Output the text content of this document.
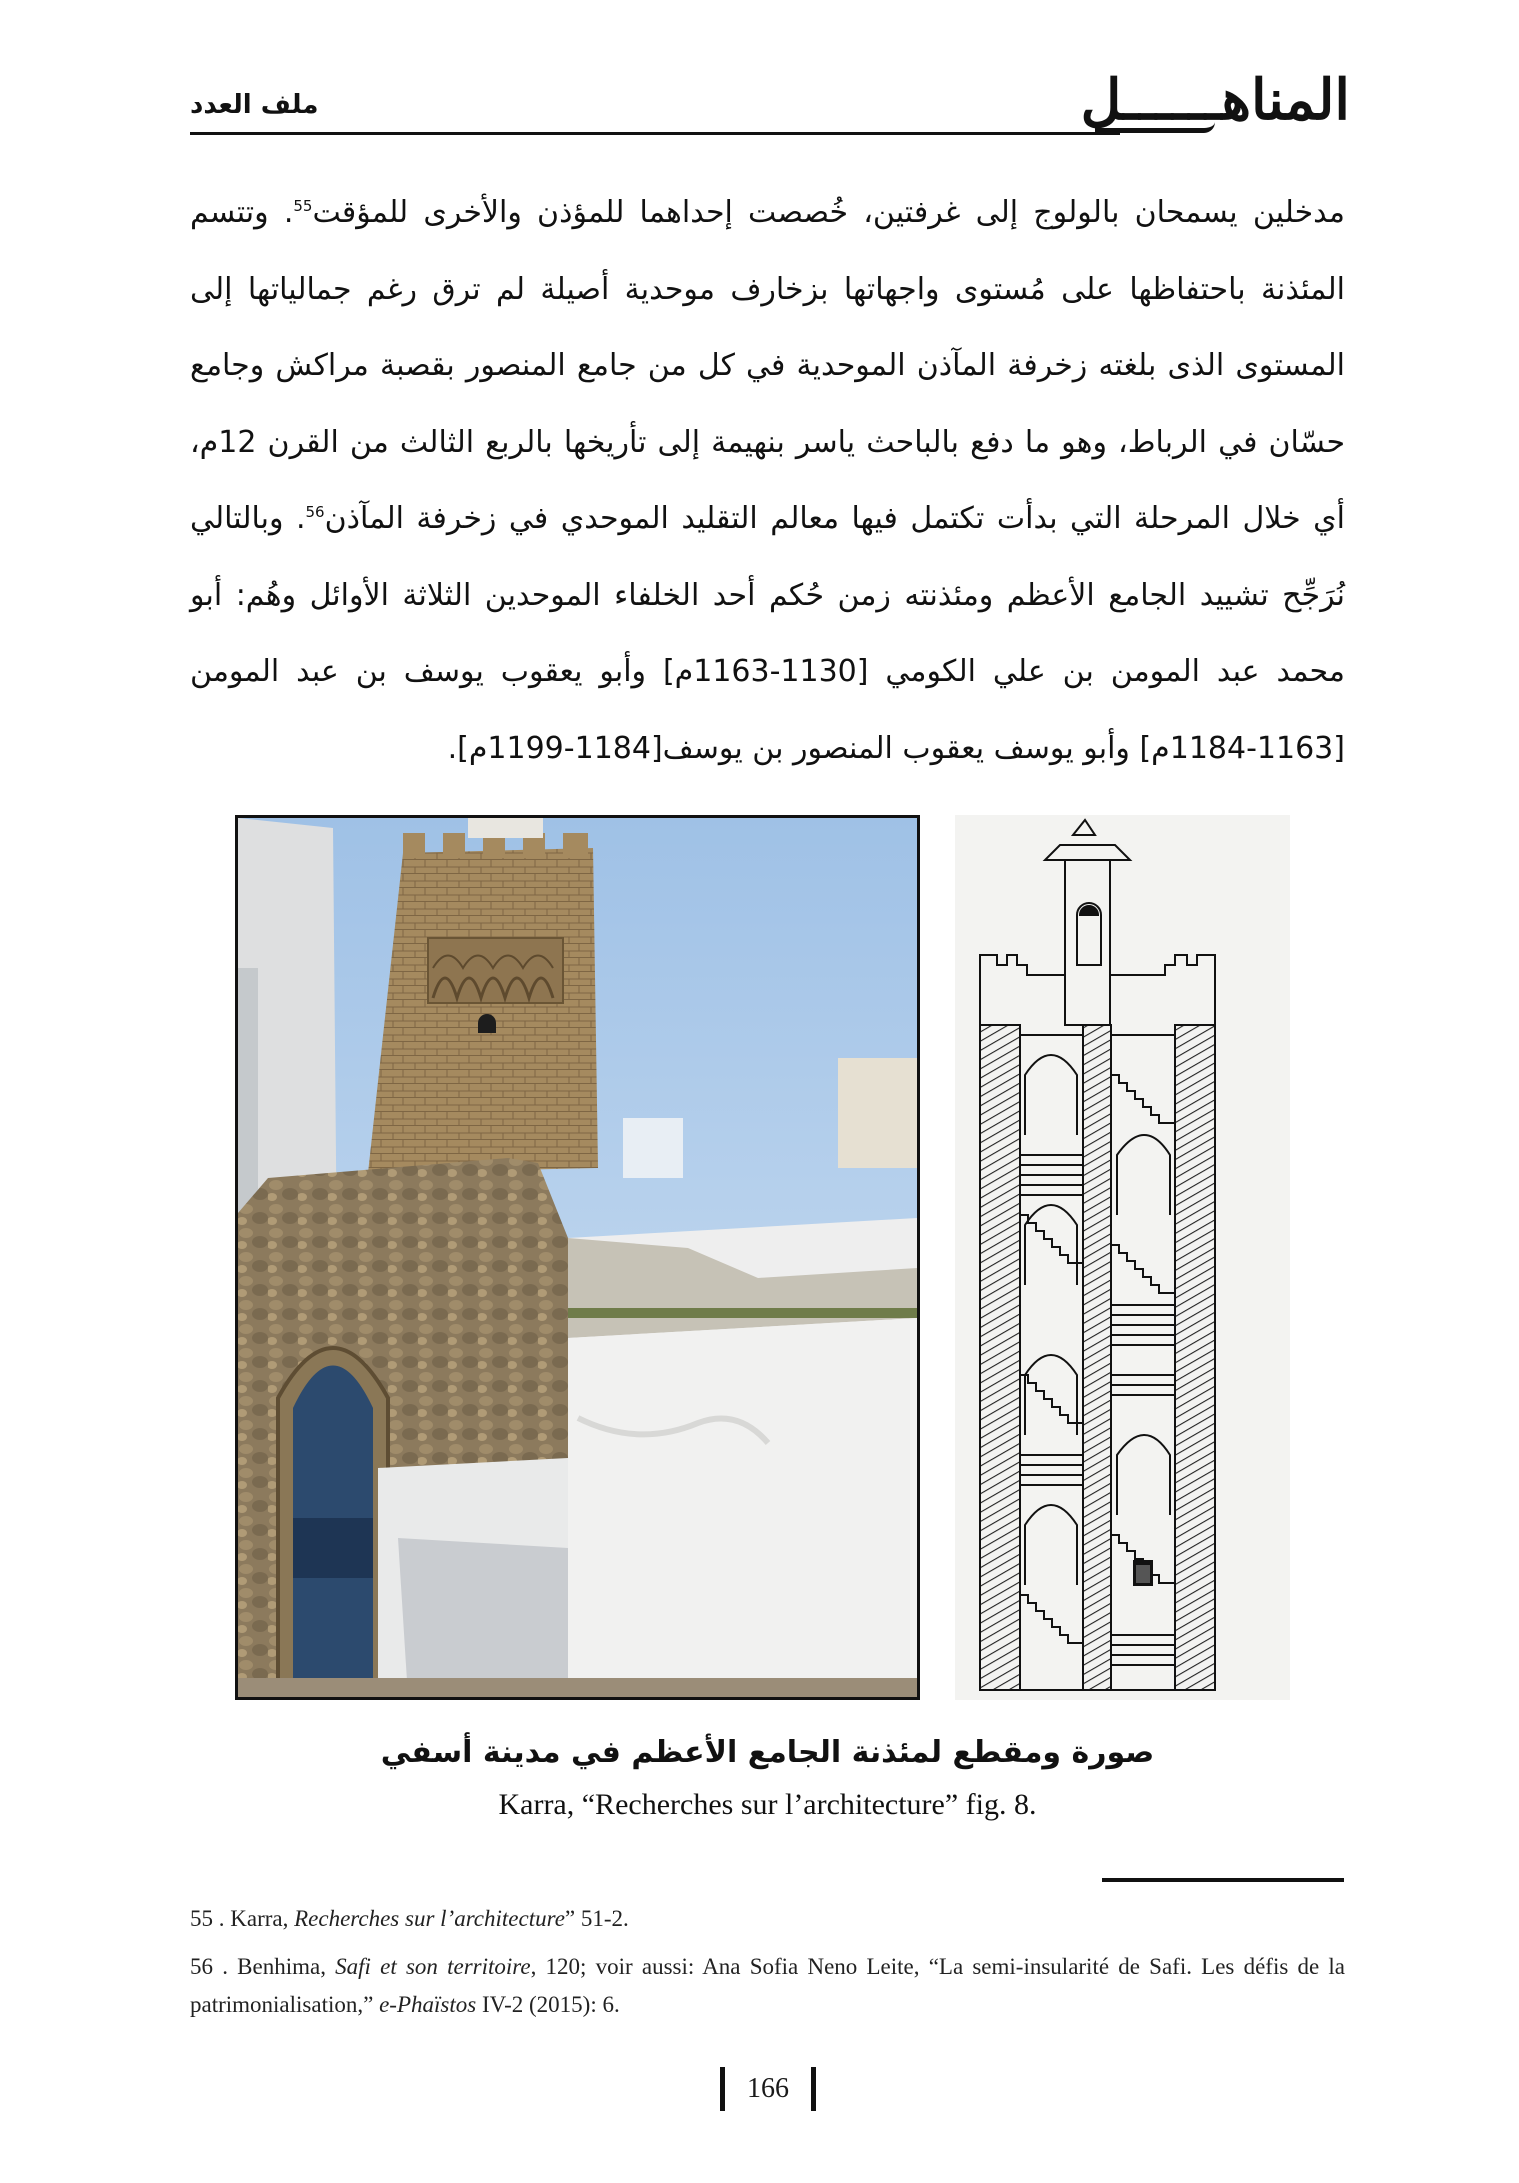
المناهــــــل
ملف العدد
مدخلين يسمحان بالولوج إلى غرفتين، خُصصت إحداهما للمؤذن والأخرى للمؤقت$^{55}$. وتتسم المئذنة باحتفاظها على مُستوى واجهاتها بزخارف موحدية أصيلة لم ترق رغم جمالياتها إلى المستوى الذى بلغته زخرفة المآذن الموحدية في كل من جامع المنصور بقصبة مراكش وجامع حسّان في الرباط، وهو ما دفع بالباحث ياسر بنهيمة إلى تأريخها بالربع الثالث من القرن 12م، أي خلال المرحلة التي بدأت تكتمل فيها معالم التقليد الموحدي في زخرفة المآذن$^{56}$. وبالتالي نُرَجِّح تشييد الجامع الأعظم ومئذنته زمن حُكم أحد الخلفاء الموحدين الثلاثة الأوائل وهُم: أبو محمد عبد المومن بن علي الكومي [1130-1163م] وأبو يعقوب يوسف بن عبد المومن [1163-1184م] وأبو يوسف يعقوب المنصور بن يوسف[1184-1199م].
صورة ومقطع لمئذنة الجامع الأعظم في مدينة أسفي
Karra, “Recherches sur l’architecture” fig. 8.

55 . Karra, Recherches sur l’architecture” 51-2.

56 . Benhima, Safi et son territoire, 120; voir aussi: Ana Sofia Neno Leite, “La semi-insularité de Safi. Les défis de la patrimonialisation,” e-Phaïstos IV-2 (2015): 6.

166
